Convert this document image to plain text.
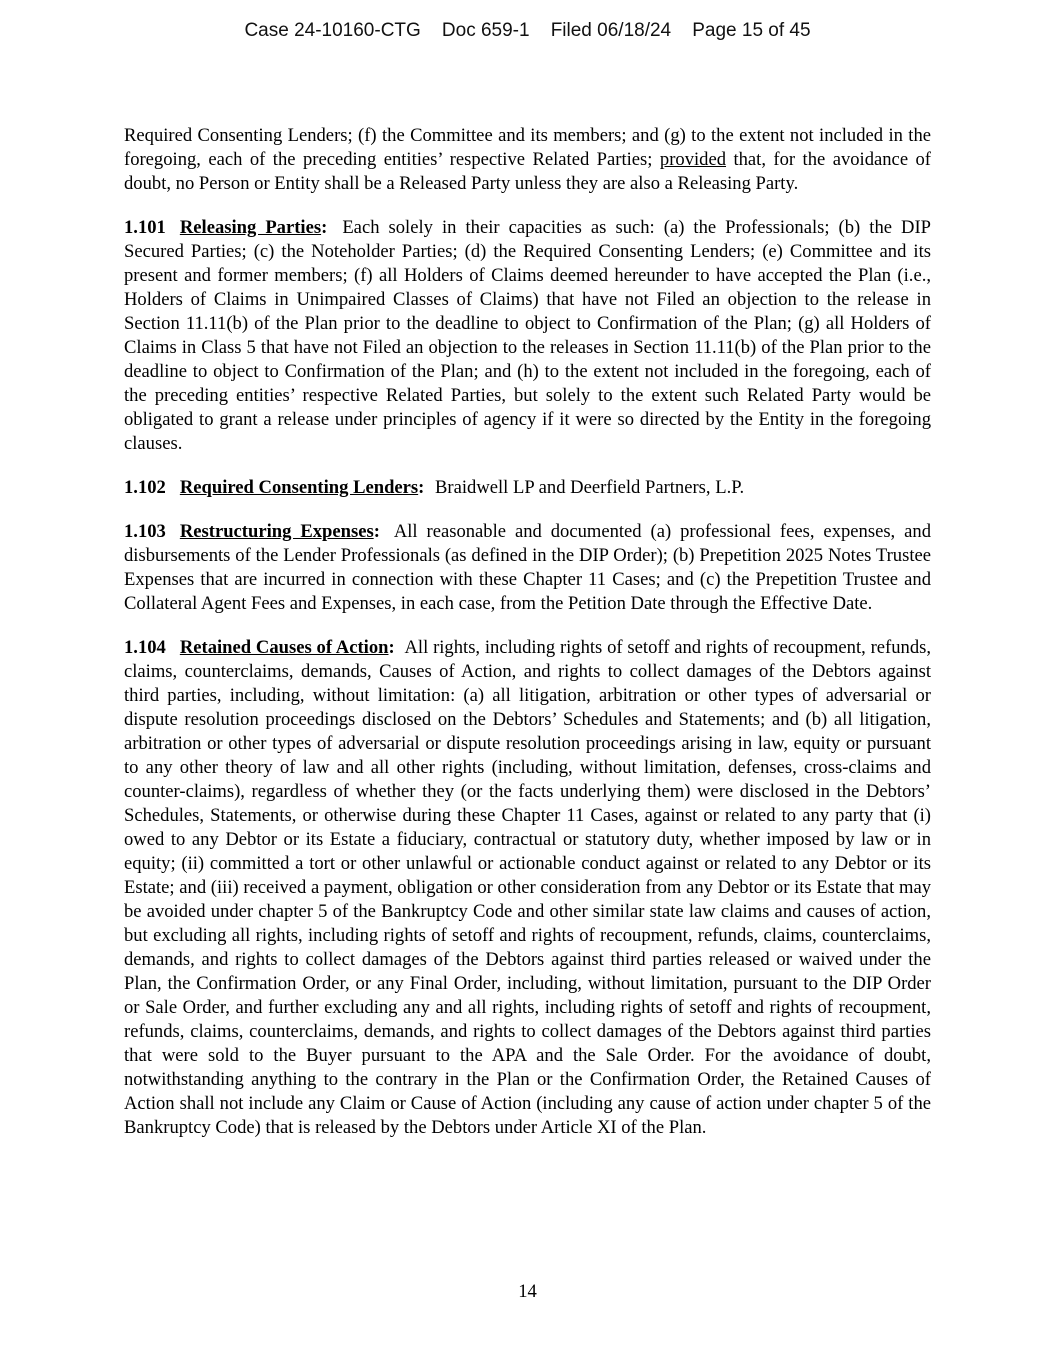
Case 24-10160-CTG    Doc 659-1    Filed 06/18/24    Page 15 of 45

Required Consenting Lenders; (f) the Committee and its members; and (g) to the extent not included in the foregoing, each of the preceding entities’ respective Related Parties; provided that, for the avoidance of doubt, no Person or Entity shall be a Released Party unless they are also a Releasing Party.

1.101 Releasing Parties: Each solely in their capacities as such: (a) the Professionals; (b) the DIP Secured Parties; (c) the Noteholder Parties; (d) the Required Consenting Lenders; (e) Committee and its present and former members; (f) all Holders of Claims deemed hereunder to have accepted the Plan (i.e., Holders of Claims in Unimpaired Classes of Claims) that have not Filed an objection to the release in Section 11.11(b) of the Plan prior to the deadline to object to Confirmation of the Plan; (g) all Holders of Claims in Class 5 that have not Filed an objection to the releases in Section 11.11(b) of the Plan prior to the deadline to object to Confirmation of the Plan; and (h) to the extent not included in the foregoing, each of the preceding entities’ respective Related Parties, but solely to the extent such Related Party would be obligated to grant a release under principles of agency if it were so directed by the Entity in the foregoing clauses.

1.102 Required Consenting Lenders: Braidwell LP and Deerfield Partners, L.P.

1.103 Restructuring Expenses: All reasonable and documented (a) professional fees, expenses, and disbursements of the Lender Professionals (as defined in the DIP Order); (b) Prepetition 2025 Notes Trustee Expenses that are incurred in connection with these Chapter 11 Cases; and (c) the Prepetition Trustee and Collateral Agent Fees and Expenses, in each case, from the Petition Date through the Effective Date.

1.104 Retained Causes of Action: All rights, including rights of setoff and rights of recoupment, refunds, claims, counterclaims, demands, Causes of Action, and rights to collect damages of the Debtors against third parties, including, without limitation: (a) all litigation, arbitration or other types of adversarial or dispute resolution proceedings disclosed on the Debtors’ Schedules and Statements; and (b) all litigation, arbitration or other types of adversarial or dispute resolution proceedings arising in law, equity or pursuant to any other theory of law and all other rights (including, without limitation, defenses, cross-claims and counter-claims), regardless of whether they (or the facts underlying them) were disclosed in the Debtors’ Schedules, Statements, or otherwise during these Chapter 11 Cases, against or related to any party that (i) owed to any Debtor or its Estate a fiduciary, contractual or statutory duty, whether imposed by law or in equity; (ii) committed a tort or other unlawful or actionable conduct against or related to any Debtor or its Estate; and (iii) received a payment, obligation or other consideration from any Debtor or its Estate that may be avoided under chapter 5 of the Bankruptcy Code and other similar state law claims and causes of action, but excluding all rights, including rights of setoff and rights of recoupment, refunds, claims, counterclaims, demands, and rights to collect damages of the Debtors against third parties released or waived under the Plan, the Confirmation Order, or any Final Order, including, without limitation, pursuant to the DIP Order or Sale Order, and further excluding any and all rights, including rights of setoff and rights of recoupment, refunds, claims, counterclaims, demands, and rights to collect damages of the Debtors against third parties that were sold to the Buyer pursuant to the APA and the Sale Order. For the avoidance of doubt, notwithstanding anything to the contrary in the Plan or the Confirmation Order, the Retained Causes of Action shall not include any Claim or Cause of Action (including any cause of action under chapter 5 of the Bankruptcy Code) that is released by the Debtors under Article XI of the Plan.

14
